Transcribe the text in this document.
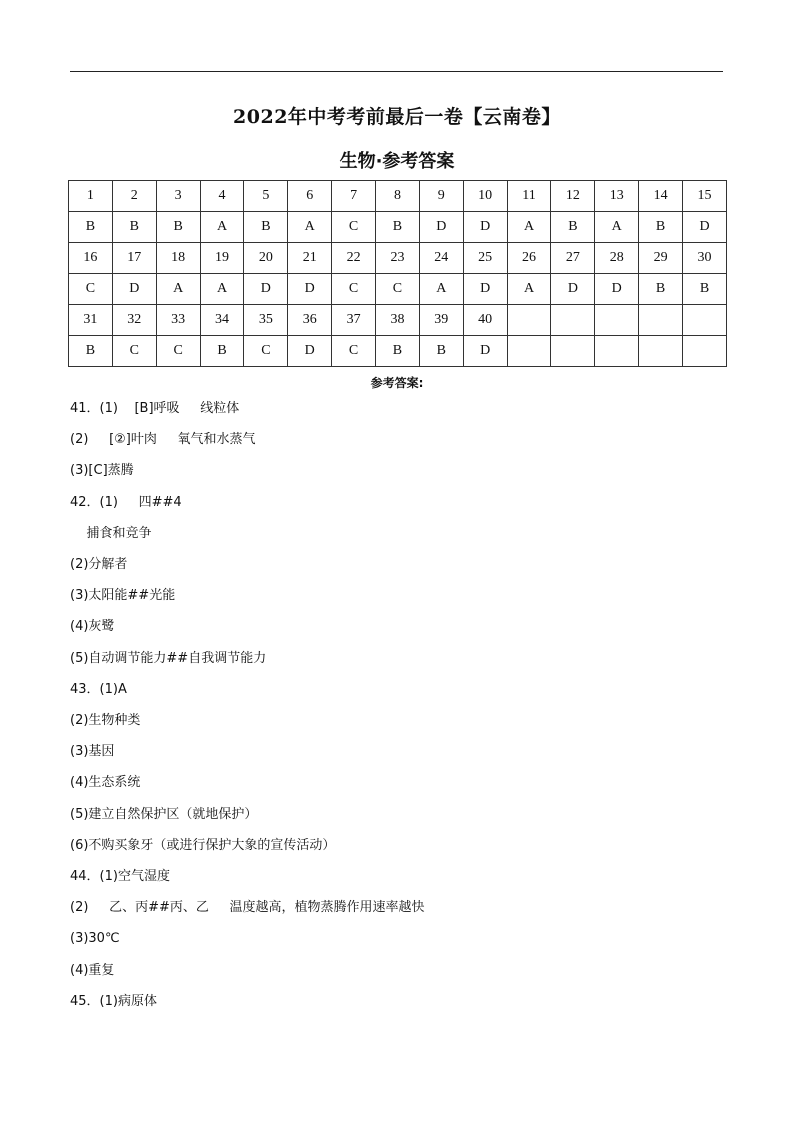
2022年中考考前最后一卷【云南卷】
生物·参考答案
1	2	3	4	5	6	7	8	9	10	11	12	13	14	15
B	B	B	A	B	A	C	B	D	D	A	B	A	B	D
16	17	18	19	20	21	22	23	24	25	26	27	28	29	30
C	D	A	A	D	D	C	C	A	D	A	D	D	B	B
31	32	33	34	35	36	37	38	39	40					
B	C	C	B	C	D	C	B	B	D					
参考答案:
41．(1)    [B]呼吸     线粒体
(2)     [②]叶肉     氧气和水蒸气
(3)[C]蒸腾
42．(1)     四##4
捕食和竞争
(2)分解者
(3)太阳能##光能
(4)灰鹭
(5)自动调节能力##自我调节能力
43．(1)A
(2)生物种类
(3)基因
(4)生态系统
(5)建立自然保护区（就地保护）
(6)不购买象牙（或进行保护大象的宣传活动）
44．(1)空气湿度
(2)     乙、丙##丙、乙     温度越高，植物蒸腾作用速率越快
(3)30℃
(4)重复
45．(1)病原体
